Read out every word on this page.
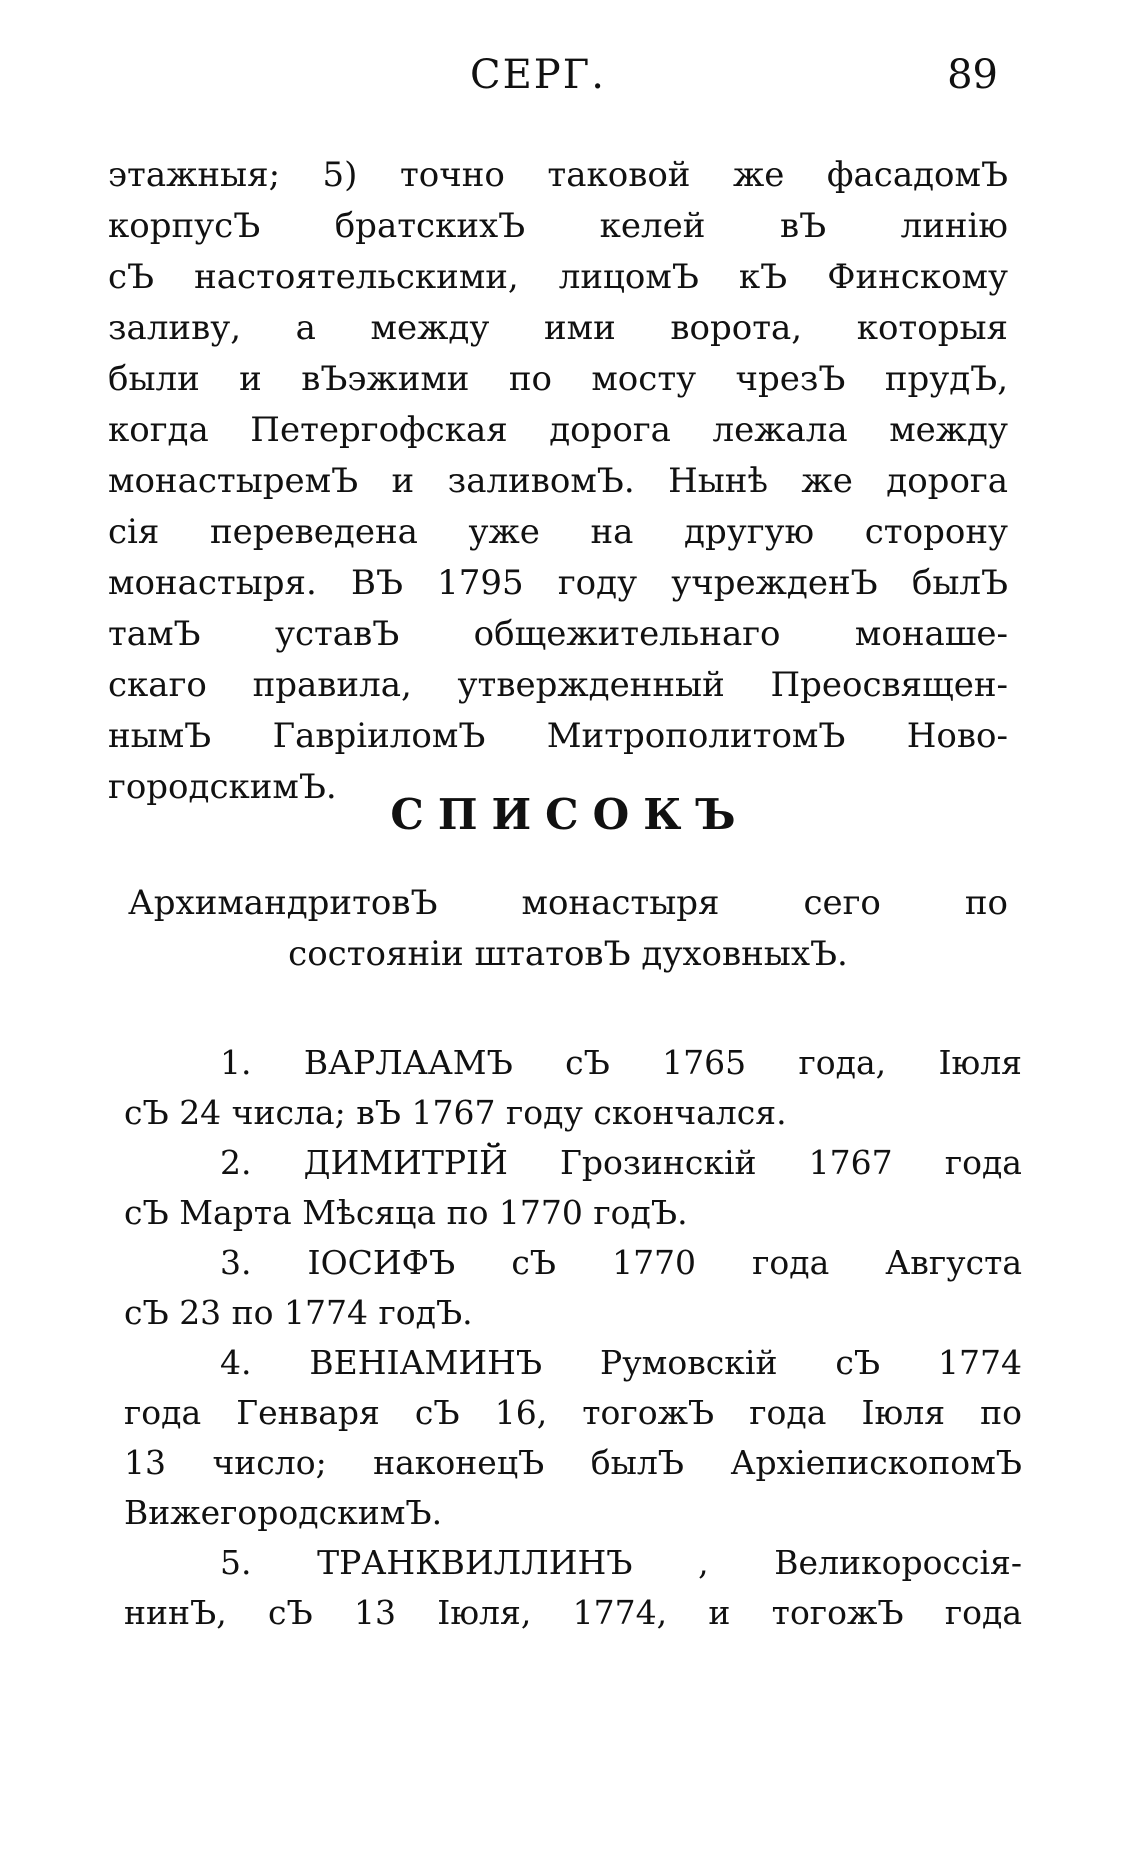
СЕРГ.	89
этажныя; 5) точно таковой же фасадомЪ
корпусЪ братскихЪ келей вЪ линію
сЪ настоятельскими, лицомЪ кЪ Финскому
заливу, а между ими ворота, которыя
были и вЪэжими по мосту чрезЪ прудЪ,
когда Петергофская дорога лежала между
монастыремЪ и заливомЪ. Нынѣ же дорога
сія переведена уже на другую сторону
монастыря. ВЪ 1795 году учрежденЪ былЪ
тамЪ уставЪ общежительнаго монаше-
скаго правила, утвержденный Преосвящен-
нымЪ ГавріиломЪ МитрополитомЪ Ново-
городскимЪ.
СПИСОКЪ
АрхимандритовЪ монастыря сего по
состояніи штатовЪ духовныхЪ.
1. ВАРЛААМЪ сЪ 1765 года, Іюля
сЪ 24 числа; вЪ 1767 году скончался.
2. ДИМИТРІЙ Грозинскій 1767 года
сЪ Марта Мѣсяца по 1770 годЪ.
3. ІОСИФЪ сЪ 1770 года Августа
сЪ 23 по 1774 годЪ.
4. ВЕНІАМИНЪ Румовскій сЪ 1774
года Генваря сЪ 16, тогожЪ года Іюля по
13 число; наконецЪ былЪ АрхіепископомЪ
ВижегородскимЪ.
5. ТРАНКВИЛЛИНЪ , Великороссія-
нинЪ, сЪ 13 Іюля, 1774, и тогожЪ года
